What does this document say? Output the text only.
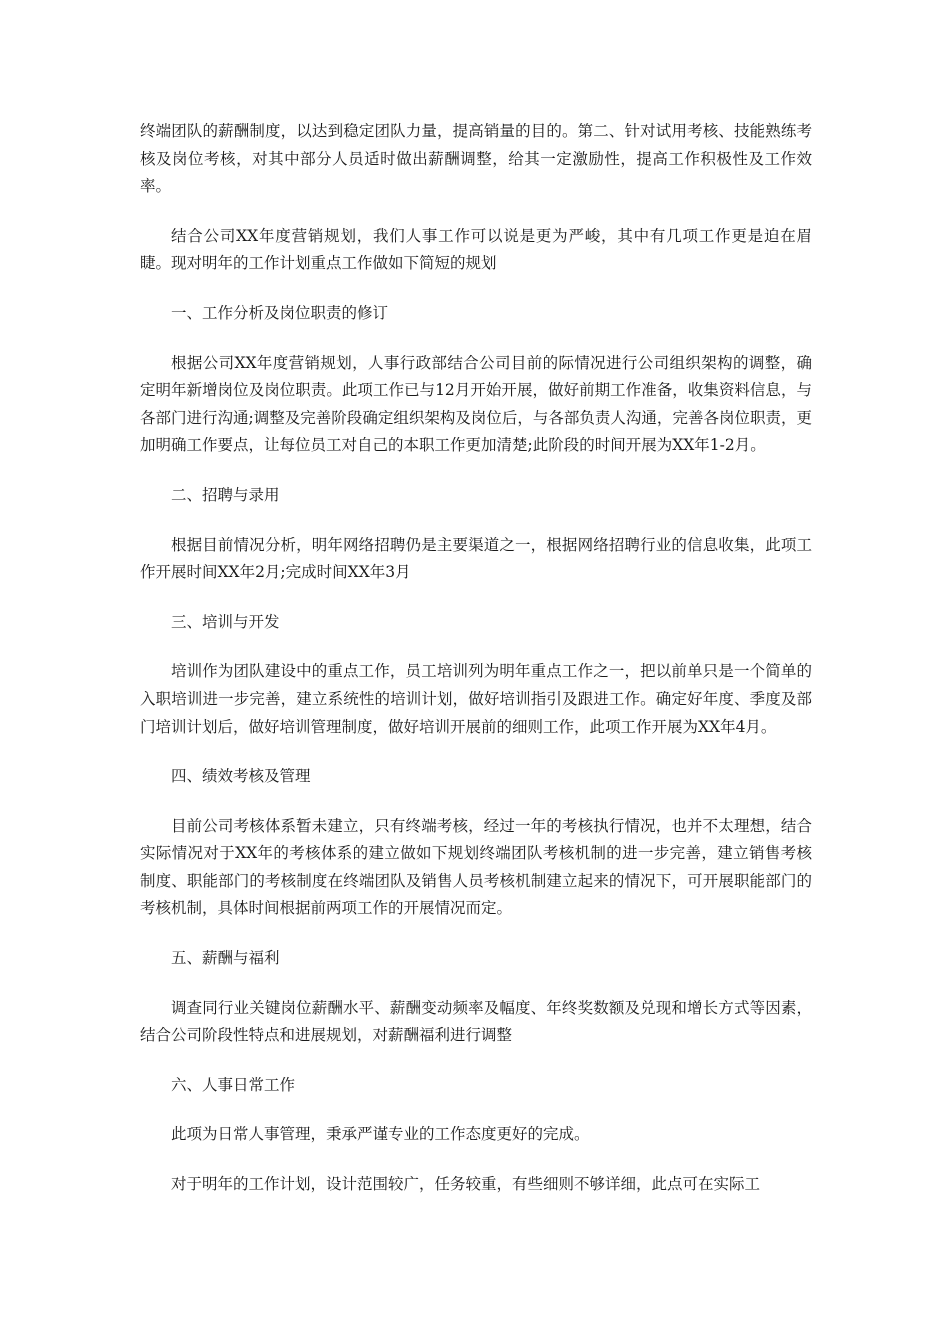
终端团队的薪酬制度，以达到稳定团队力量，提高销量的目的。第二、针对试用考核、技能熟练考核及岗位考核，对其中部分人员适时做出薪酬调整，给其一定激励性，提高工作积极性及工作效率。

结合公司XX年度营销规划，我们人事工作可以说是更为严峻，其中有几项工作更是迫在眉睫。现对明年的工作计划重点工作做如下简短的规划

一、工作分析及岗位职责的修订

根据公司XX年度营销规划，人事行政部结合公司目前的际情况进行公司组织架构的调整，确定明年新增岗位及岗位职责。此项工作已与12月开始开展，做好前期工作准备，收集资料信息，与各部门进行沟通;调整及完善阶段确定组织架构及岗位后，与各部负责人沟通，完善各岗位职责，更加明确工作要点，让每位员工对自己的本职工作更加清楚;此阶段的时间开展为XX年1-2月。

二、招聘与录用

根据目前情况分析，明年网络招聘仍是主要渠道之一，根据网络招聘行业的信息收集，此项工作开展时间XX年2月;完成时间XX年3月

三、培训与开发

培训作为团队建设中的重点工作，员工培训列为明年重点工作之一，把以前单只是一个简单的入职培训进一步完善，建立系统性的培训计划，做好培训指引及跟进工作。确定好年度、季度及部门培训计划后，做好培训管理制度，做好培训开展前的细则工作，此项工作开展为XX年4月。

四、绩效考核及管理

目前公司考核体系暂未建立，只有终端考核，经过一年的考核执行情况，也并不太理想，结合实际情况对于XX年的考核体系的建立做如下规划终端团队考核机制的进一步完善，建立销售考核制度、职能部门的考核制度在终端团队及销售人员考核机制建立起来的情况下，可开展职能部门的考核机制，具体时间根据前两项工作的开展情况而定。

五、薪酬与福利

调查同行业关键岗位薪酬水平、薪酬变动频率及幅度、年终奖数额及兑现和增长方式等因素，结合公司阶段性特点和进展规划，对薪酬福利进行调整

六、人事日常工作

此项为日常人事管理，秉承严谨专业的工作态度更好的完成。

对于明年的工作计划，设计范围较广，任务较重，有些细则不够详细，此点可在实际工
